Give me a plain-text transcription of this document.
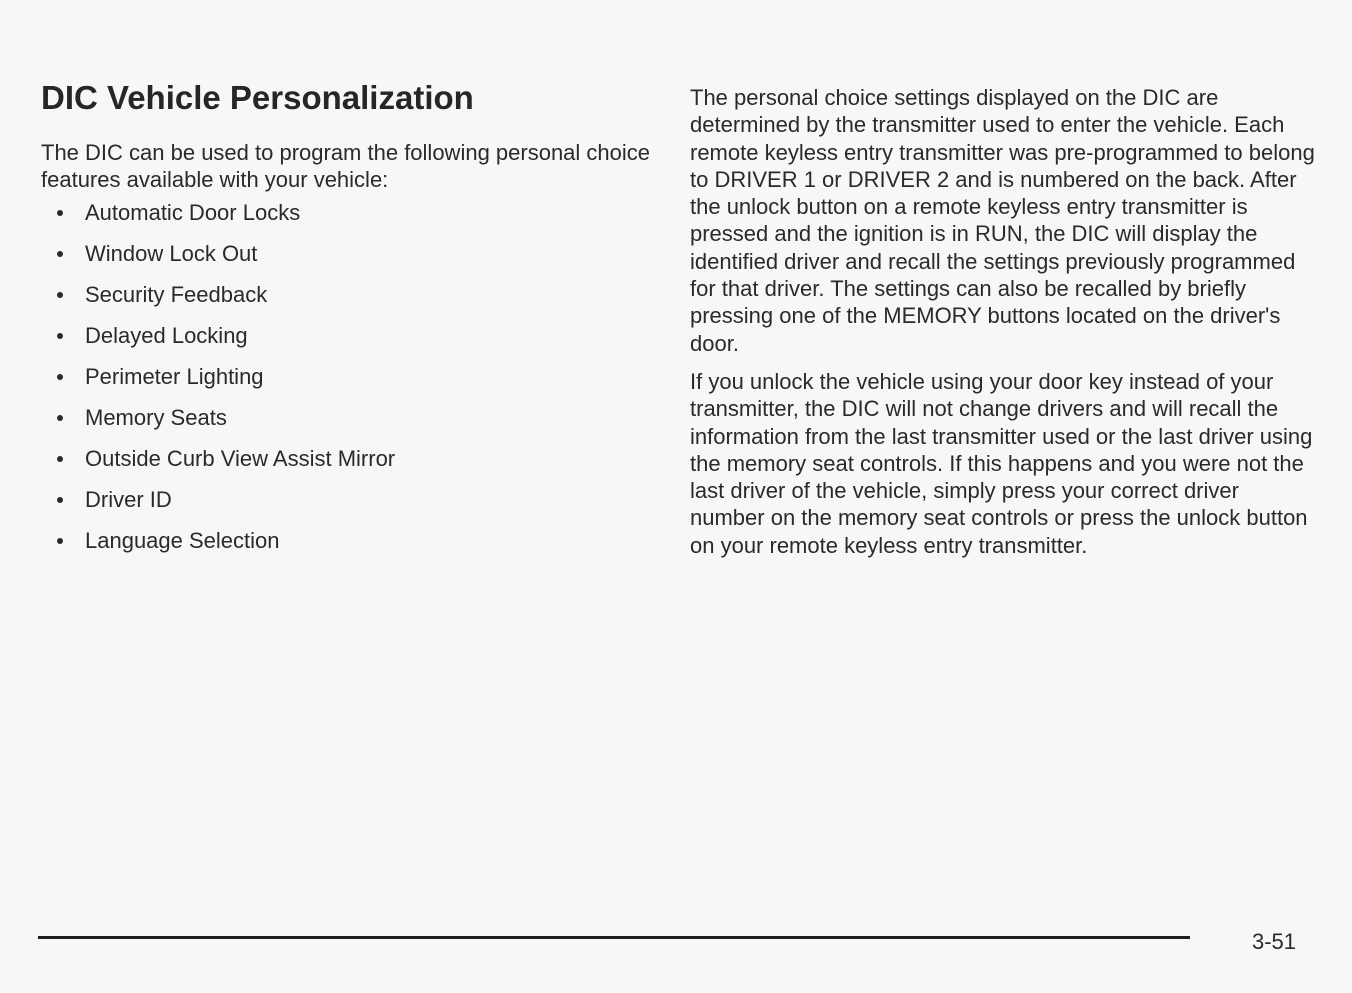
DIC Vehicle Personalization

The DIC can be used to program the following personal choice features available with your vehicle:

Automatic Door Locks
Window Lock Out
Security Feedback
Delayed Locking
Perimeter Lighting
Memory Seats
Outside Curb View Assist Mirror
Driver ID
Language Selection

The personal choice settings displayed on the DIC are determined by the transmitter used to enter the vehicle. Each remote keyless entry transmitter was pre-programmed to belong to DRIVER 1 or DRIVER 2 and is numbered on the back. After the unlock button on a remote keyless entry transmitter is pressed and the ignition is in RUN, the DIC will display the identified driver and recall the settings previously programmed for that driver. The settings can also be recalled by briefly pressing one of the MEMORY buttons located on the driver's door.

If you unlock the vehicle using your door key instead of your transmitter, the DIC will not change drivers and will recall the information from the last transmitter used or the last driver using the memory seat controls. If this happens and you were not the last driver of the vehicle, simply press your correct driver number on the memory seat controls or press the unlock button on your remote keyless entry transmitter.

3-51
